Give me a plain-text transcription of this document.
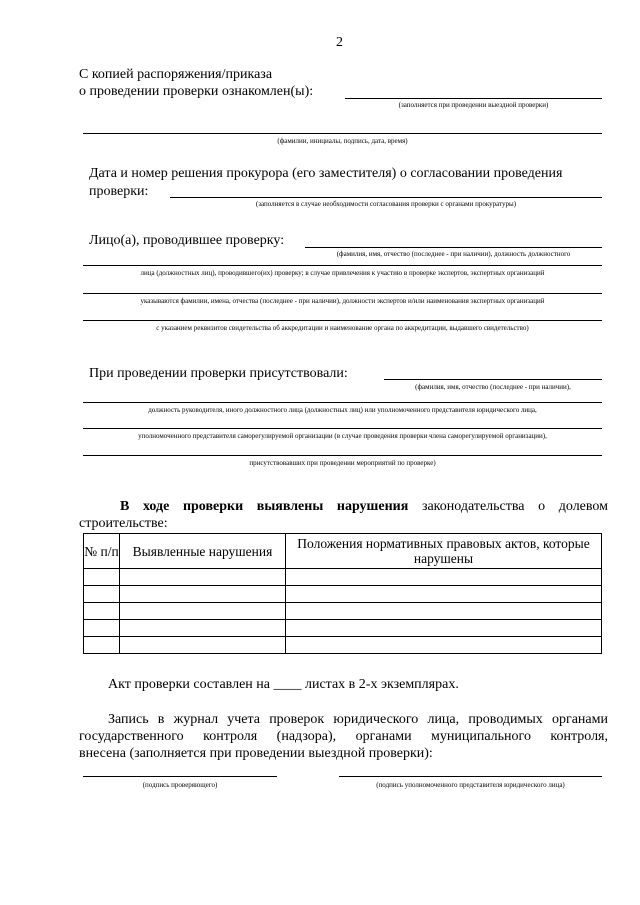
2
С копией распоряжения/приказа
о проведении проверки ознакомлен(ы):
(заполняется при проведении выездной проверки)
(фамилии, инициалы, подпись, дата, время)
Дата и номер решения прокурора (его заместителя) о согласовании проведения
проверки:
(заполняется в случае необходимости согласования проверки с органами прокуратуры)
Лицо(а), проводившее проверку:
(фамилия, имя, отчество (последнее - при наличии), должность должностного
лица (должностных лиц), проводившего(их) проверку; в случае привлечения к участию в проверке экспертов, экспертных организаций
указываются фамилии, имена, отчества (последнее - при наличии), должности экспертов и/или наименования экспертных организаций
с указанием реквизитов свидетельства об аккредитации и наименование органа по аккредитации, выдавшего свидетельство)
При проведении проверки присутствовали:
(фамилия, имя, отчество (последнее - при наличии),
должность руководителя, иного должностного лица (должностных лиц) или уполномоченного представителя юридического лица,
уполномоченного представителя саморегулируемой организации (в случае проведения проверки члена саморегулируемой организации),
присутствовавших при проведении мероприятий по проверке)
В ходе проверки выявлены нарушения законодательства о долевом
строительстве:
№ п/п	Выявленные нарушения	Положения нормативных правовых актов, которые нарушены

Акт проверки составлен на ____ листах в 2-х экземплярах.
Запись в журнал учета проверок юридического лица, проводимых органами
государственного контроля (надзора), органами муниципального контроля,
внесена (заполняется при проведении выездной проверки):
(подпись проверяющего)	(подпись уполномоченного представителя юридического лица)
